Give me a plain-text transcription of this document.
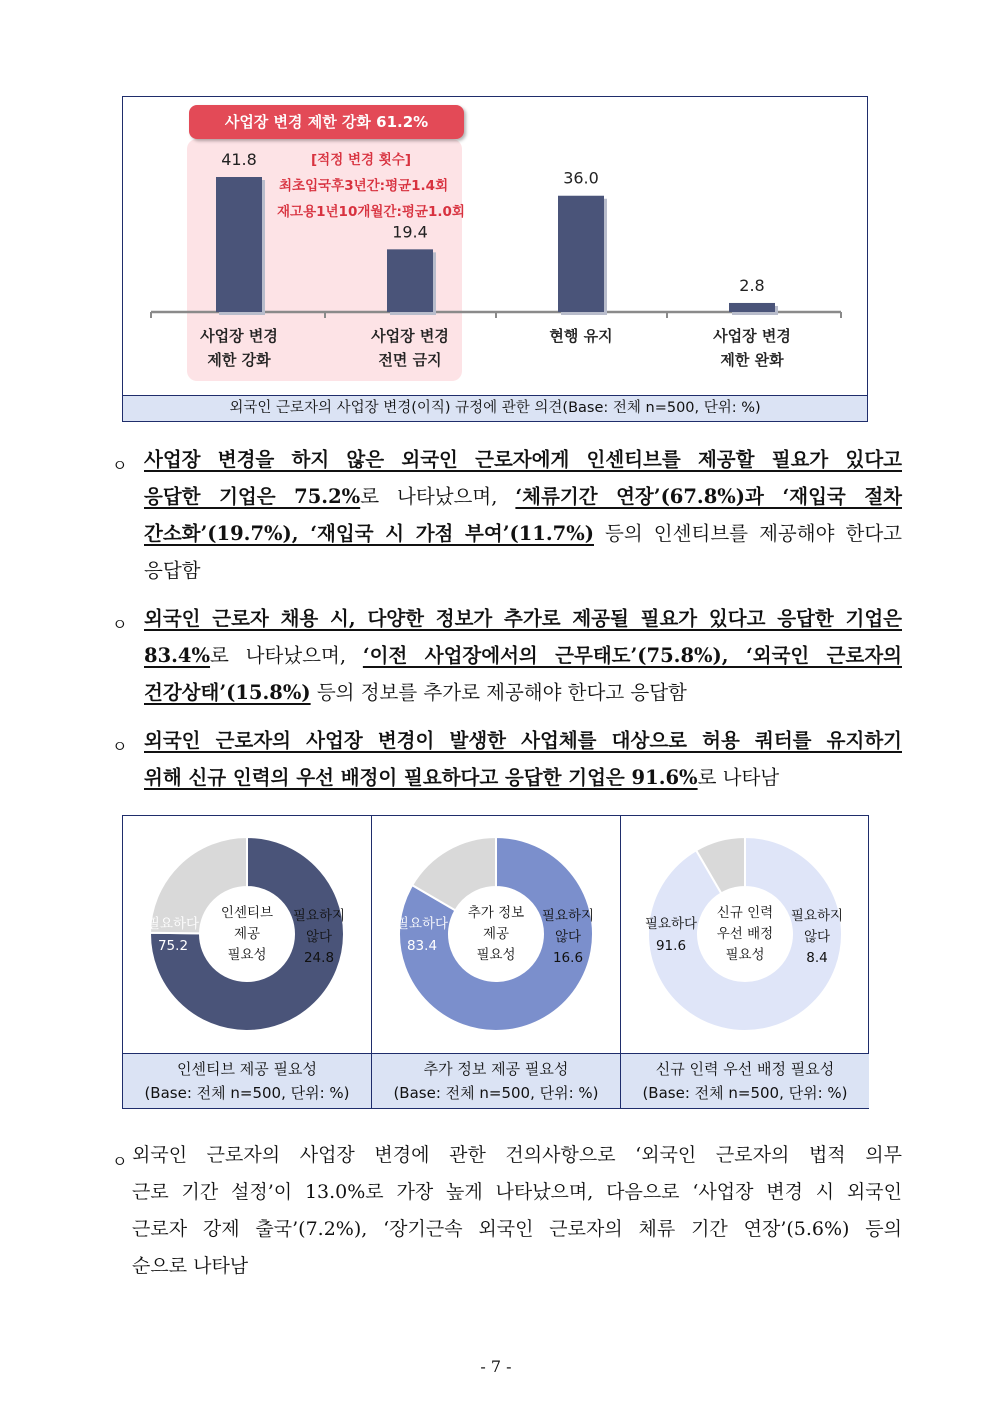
사업장 변경 제한 강화 61.2%
[적정 변경 횟수]
최초입국후3년간:평균1.4회
재고용1년10개월간:평균1.0회
41.8
사업장 변경
제한 강화
19.4
사업장 변경
전면 금지
36.0
현행 유지
2.8
사업장 변경
제한 완화
외국인 근로자의 사업장 변경(이직) 규정에 관한 의견(Base: 전체 n=500, 단위: %)
ㅇ 사업장 변경을 하지 않은 외국인 근로자에게 인센티브를 제공할 필요가 있다고
응답한 기업은 75.2%로 나타났으며, ‘체류기간 연장’(67.8%)과 ‘재입국 절차
간소화’(19.7%), ‘재입국 시 가점 부여’(11.7%) 등의 인센티브를 제공해야 한다고
응답함
ㅇ 외국인 근로자 채용 시, 다양한 정보가 추가로 제공될 필요가 있다고 응답한 기업은
83.4%로 나타났으며, ‘이전 사업장에서의 근무태도’(75.8%), ‘외국인 근로자의
건강상태’(15.8%) 등의 정보를 추가로 제공해야 한다고 응답함
ㅇ 외국인 근로자의 사업장 변경이 발생한 사업체를 대상으로 허용 쿼터를 유지하기
위해 신규 인력의 우선 배정이 필요하다고 응답한 기업은 91.6%로 나타남
필요하다
75.2
필요하지
않다
24.8
인센티브
제공
필요성
인센티브 제공 필요성
(Base: 전체 n=500, 단위: %)
필요하다
83.4
필요하지
않다
16.6
추가 정보
제공
필요성
추가 정보 제공 필요성
(Base: 전체 n=500, 단위: %)
필요하다
91.6
필요하지
않다
8.4
신규 인력
우선 배정
필요성
신규 인력 우선 배정 필요성
(Base: 전체 n=500, 단위: %)
ㅇ 외국인 근로자의 사업장 변경에 관한 건의사항으로 ‘외국인 근로자의 법적 의무
근로 기간 설정’이 13.0%로 가장 높게 나타났으며, 다음으로 ‘사업장 변경 시 외국인
근로자 강제 출국’(7.2%), ‘장기근속 외국인 근로자의 체류 기간 연장’(5.6%) 등의
순으로 나타남
- 7 -
